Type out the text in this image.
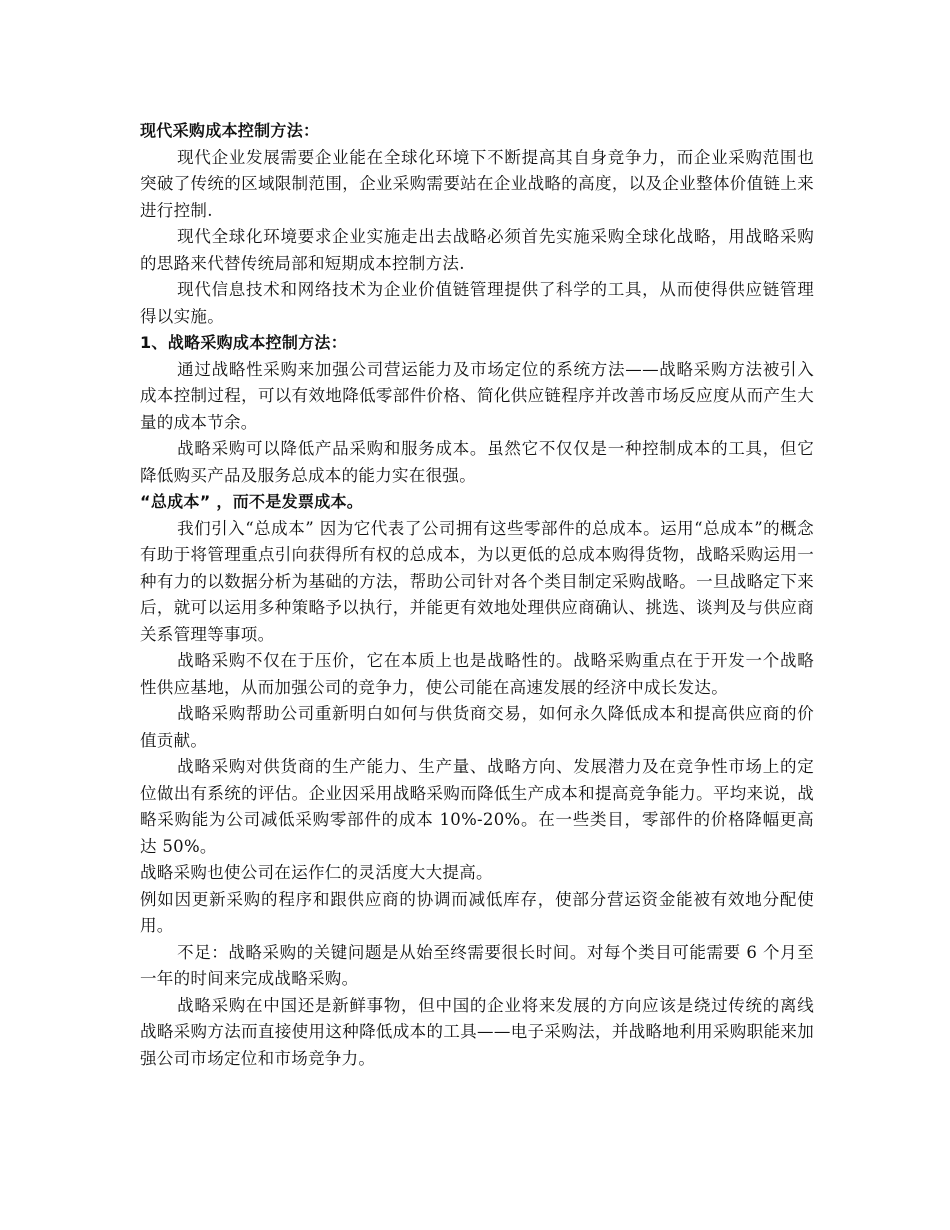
现代采购成本控制方法：

现代企业发展需要企业能在全球化环境下不断提高其自身竞争力，而企业采购范围也突破了传统的区域限制范围，企业采购需要站在企业战略的高度，以及企业整体价值链上来进行控制.

现代全球化环境要求企业实施走出去战略必须首先实施采购全球化战略，用战略采购的思路来代替传统局部和短期成本控制方法.

现代信息技术和网络技术为企业价值链管理提供了科学的工具，从而使得供应链管理得以实施。

1、战略采购成本控制方法：

通过战略性采购来加强公司营运能力及市场定位的系统方法——战略采购方法被引入成本控制过程，可以有效地降低零部件价格、简化供应链程序并改善市场反应度从而产生大量的成本节余。

战略采购可以降低产品采购和服务成本。虽然它不仅仅是一种控制成本的工具，但它降低购买产品及服务总成本的能力实在很强。

“总成本” ，而不是发票成本。

我们引入“总成本” 因为它代表了公司拥有这些零部件的总成本。运用“总成本”的概念有助于将管理重点引向获得所有权的总成本，为以更低的总成本购得货物，战略采购运用一种有力的以数据分析为基础的方法，帮助公司针对各个类目制定采购战略。一旦战略定下来后，就可以运用多种策略予以执行，并能更有效地处理供应商确认、挑选、谈判及与供应商关系管理等事项。

战略采购不仅在于压价，它在本质上也是战略性的。战略采购重点在于开发一个战略性供应基地，从而加强公司的竞争力，使公司能在高速发展的经济中成长发达。

战略采购帮助公司重新明白如何与供货商交易，如何永久降低成本和提高供应商的价值贡献。

战略采购对供货商的生产能力、生产量、战略方向、发展潜力及在竞争性市场上的定位做出有系统的评估。企业因采用战略采购而降低生产成本和提高竞争能力。平均来说，战略采购能为公司减低采购零部件的成本 10%-20%。在一些类目，零部件的价格降幅更高达 50%。

战略采购也使公司在运作仁的灵活度大大提高。

例如因更新采购的程序和跟供应商的协调而减低库存，使部分营运资金能被有效地分配使用。

不足：战略采购的关键问题是从始至终需要很长时间。对每个类目可能需要 6 个月至一年的时间来完成战略采购。

战略采购在中国还是新鲜事物，但中国的企业将来发展的方向应该是绕过传统的离线战略采购方法而直接使用这种降低成本的工具——电子采购法，并战略地利用采购职能来加强公司市场定位和市场竞争力。
